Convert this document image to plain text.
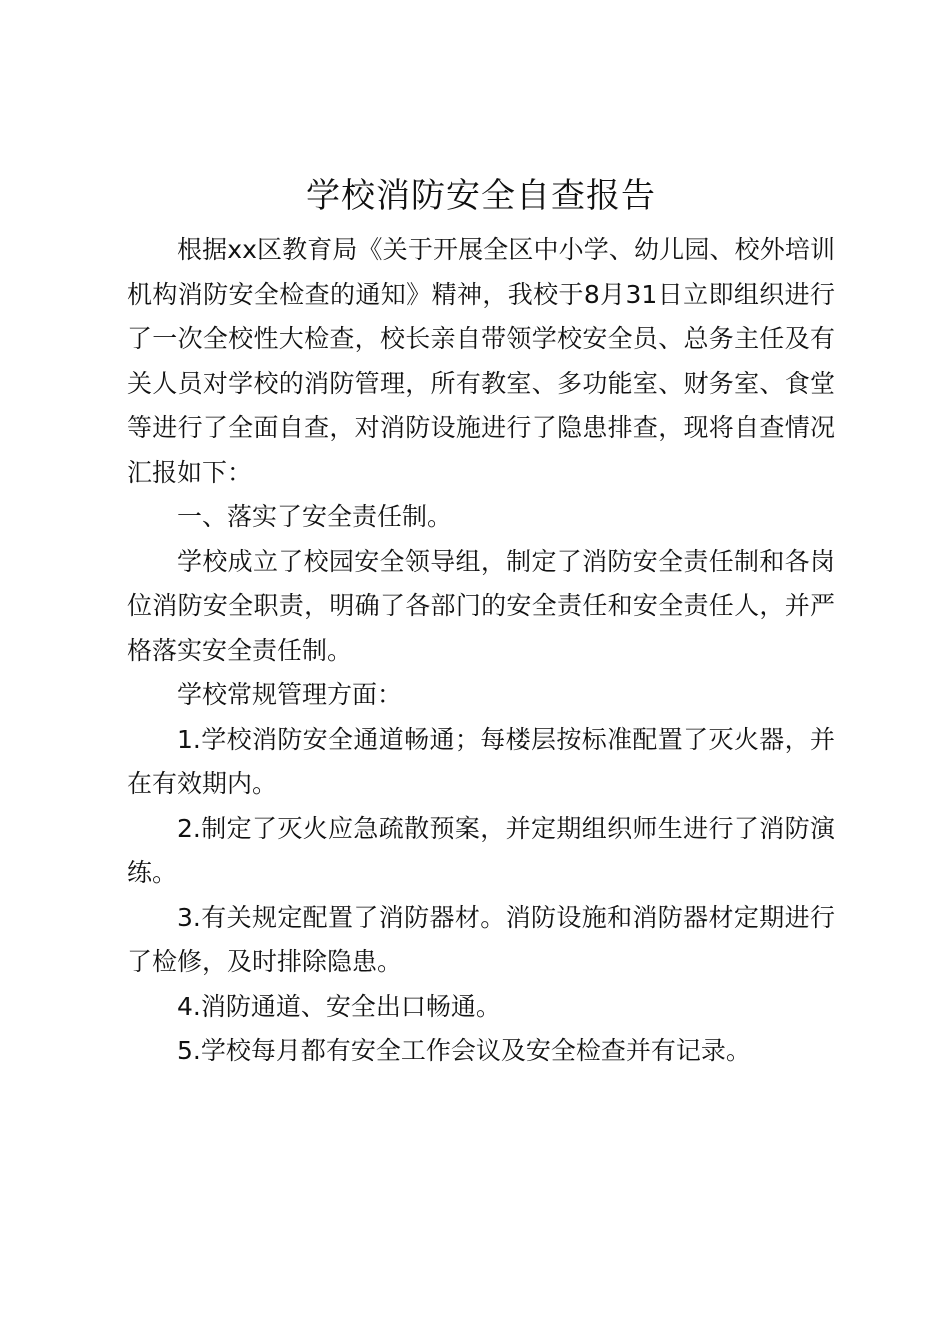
学校消防安全自查报告

根据xx区教育局《关于开展全区中小学、幼儿园、校外培训机构消防安全检查的通知》精神，我校于8月31日立即组织进行了一次全校性大检查，校长亲自带领学校安全员、总务主任及有关人员对学校的消防管理，所有教室、多功能室、财务室、食堂等进行了全面自查，对消防设施进行了隐患排查，现将自查情况汇报如下：

一、落实了安全责任制。

学校成立了校园安全领导组，制定了消防安全责任制和各岗位消防安全职责，明确了各部门的安全责任和安全责任人，并严格落实安全责任制。

学校常规管理方面：

1.学校消防安全通道畅通；每楼层按标准配置了灭火器，并在有效期内。

2.制定了灭火应急疏散预案，并定期组织师生进行了消防演练。

3.有关规定配置了消防器材。消防设施和消防器材定期进行了检修，及时排除隐患。

4.消防通道、安全出口畅通。

5.学校每月都有安全工作会议及安全检查并有记录。
